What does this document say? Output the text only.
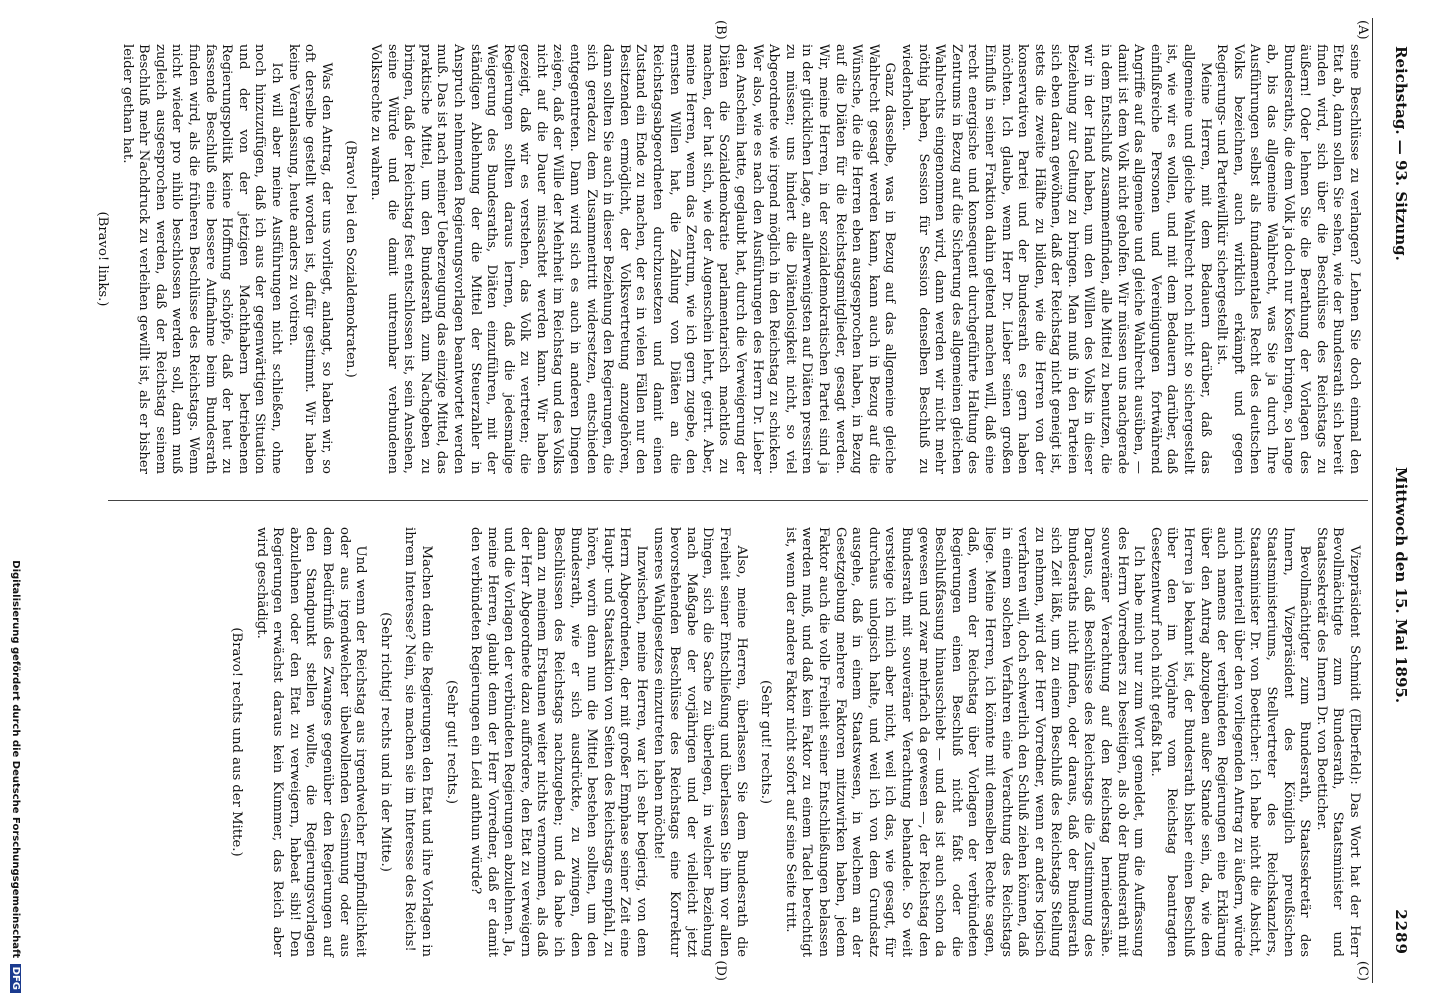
Reichstag. — 93. Sitzung.
Mittwoch den 15. Mai 1895.
2289
(A)
(B)

seine Beschlüsse zu verlangen? Lehnen Sie doch einmal den Etat ab, dann sollen Sie sehen, wie der Bundesrath sich bereit finden wird, sich über die Beschlüsse des Reichstags zu äußern! Oder lehnen Sie die Berathung der Vorlagen des Bundesraths, die dem Volk ja doch nur Kosten bringen, so lange ab, bis das allgemeine Wahlrecht, was Sie ja durch Ihre Ausführungen selbst als fundamentales Recht des deutschen Volks bezeichnen, auch wirklich erkämpft und gegen Regierungs- und Parteiwillkür sichergestellt ist.

Meine Herren, mit dem Bedauern darüber, daß das allgemeine und gleiche Wahlrecht noch nicht so sichergestellt ist, wie wir es wollen, und mit dem Bedauern darüber, daß einflußreiche Personen und Vereinigungen fortwährend Angriffe auf das allgemeine und gleiche Wahlrecht ausüben, — damit ist dem Volk nicht geholfen. Wir müssen uns nachgerade in dem Entschluß zusammenfinden, alle Mittel zu benutzen, die wir in der Hand haben, um den Willen des Volks in dieser Beziehung zur Geltung zu bringen. Man muß in den Parteien sich eben daran gewöhnen, daß der Reichstag nicht geneigt ist, stets die zweite Hälfte zu bilden, wie die Herren von der konservativen Partei und der Bundesrath es gern haben möchten. Ich glaube, wenn Herr Dr. Lieber seinen großen Einfluß in seiner Fraktion dahin geltend machen will, daß eine recht energische und konsequent durchgeführte Haltung des Zentrums in Bezug auf die Sicherung des allgemeinen gleichen Wahlrechts eingenommen wird, dann werden wir nicht mehr nöthig haben, Session für Session denselben Beschluß zu wiederholen.

Ganz dasselbe, was in Bezug auf das allgemeine gleiche Wahlrecht gesagt werden kann, kann auch in Bezug auf die Wünsche, die die Herren eben ausgesprochen haben, in Bezug auf die Diäten für die Reichstagsmitglieder, gesagt werden. Wir, meine Herren, in der sozialdemokratischen Partei sind ja in der glücklichen Lage, an allerwenigsten auf Diäten pressiren zu müssen; uns hindert die Diätenlosigkeit nicht, so viel Abgeordnete wie irgend möglich in den Reichstag zu schicken. Wer also, wie es nach den Ausführungen des Herrn Dr. Lieber den Anschein hatte, geglaubt hat, durch die Verweigerung der Diäten die Sozialdemokratie parlamentarisch machtlos zu machen, der hat sich, wie der Augenschein lehrt, geirrt. Aber, meine Herren, wenn das Zentrum, wie ich gern zugebe, den ernsten Willen hat, die Zahlung von Diäten an die Reichstagsabgeordneten durchzusetzen und damit einen Zustand ein Ende zu machen, der es in vielen Fällen nur den Besitzenden ermöglicht, der Volksvertretung anzugehören, dann sollten Sie auch in dieser Beziehung den Regierungen, die sich geradezu dem Zusammentritt widersetzen, entschieden entgegentreten. Dann wird sich es auch in anderen Dingen zeigen, daß der Wille der Mehrheit im Reichstag und des Volks nicht auf die Dauer missachtet werden kann. Wir haben gezeigt, daß wir es verstehen, das Volk zu vertreten; die Regierungen sollten daraus lernen, daß die jedesmalige Weigerung des Bundesraths, Diäten einzuführen, mit der ständigen Ablehnung der die Mittel der Steuerzahler in Anspruch nehmenden Regierungsvorlagen beantwortet werden muß. Das ist nach meiner Ueberzeugung das einzige Mittel, das praktische Mittel, um den Bundesrath zum Nachgeben zu bringen, daß der Reichstag fest entschlossen ist, sein Ansehen, seine Würde und die damit untrennbar verbundenen Volksrechte zu wahren.

(Bravo! bei den Sozialdemokraten.)

Was den Antrag, der uns vorliegt, anlangt, so haben wir, so oft derselbe gestellt worden ist, dafür gestimmt. Wir haben keine Veranlassung, heute anders zu votiren.

Ich will aber meine Ausführungen nicht schließen, ohne noch hinzuzufügen, daß ich aus der gegenwärtigen Situation und der von der jetzigen Machthabern betriebenen Regierungspolitik keine Hoffnung schöpfe, daß der heut zu fassende Beschluß eine bessere Aufnahme beim Bundesrath finden wird, als die früheren Beschlüsse des Reichstags. Wenn nicht wieder pro nihilo beschlossen werden soll, dann muß zugleich ausgesprochen werden, daß der Reichstag seinem Beschluß mehr Nachdruck zu verleihen gewillt ist, als er bisher leider gethan hat.

(Bravo! links.)

(C)
(D)

Vizepräsident Schmidt (Elberfeld): Das Wort hat der Herr Bevollmächtigte zum Bundesrath, Staatsminister und Staatssekretär des Innern Dr. von Boetticher.

Bevollmächtigter zum Bundesrath, Staatssekretär des Innern, Vizepräsident des Königlich preußischen Staatsministeriums, Stellvertreter des Reichskanzlers, Staatsminister Dr. von Boetticher: Ich habe nicht die Absicht, mich materiell über den vorliegenden Antrag zu äußern, würde auch namens der verbündeten Regierungen eine Erklärung über den Antrag abzugeben außer Stande sein, da, wie den Herren ja bekannt ist, der Bundesrath bisher einen Beschluß über den im Vorjahre vom Reichstag beantragten Gesetzentwurf noch nicht gefaßt hat.

Ich habe mich nur zum Wort gemeldet, um die Auffassung des Herrn Vorredners zu beseitigen, als ob der Bundesrath mit souveräner Verachtung auf den Reichstag herniedersähe. Daraus, daß Beschlüsse des Reichstags die Zustimmung des Bundesraths nicht finden, oder daraus, daß der Bundesrath sich Zeit läßt, um zu einem Beschluß des Reichstags Stellung zu nehmen, wird der Herr Vorredner, wenn er anders logisch verfahren will, doch schwerlich den Schluß ziehen können, daß in einem solchen Verfahren eine Verachtung des Reichstags liege. Meine Herren, ich könnte mit demselben Rechte sagen, daß, wenn der Reichstag über Vorlagen der verbündeten Regierungen einen Beschluß nicht faßt oder die Beschlußfassung hinausschiebt — und das ist auch schon da gewesen und zwar mehrfach da gewesen —, der Reichstag den Bundesrath mit souveräner Verachtung behandele. So weit versteige ich mich aber nicht, weil ich das, wie gesagt, für durchaus unlogisch halte, und weil ich von dem Grundsatz ausgehe, daß in einem Staatswesen, in welchem an der Gesetzgebung mehrere Faktoren mitzuwirken haben, jedem Faktor auch die volle Freiheit seiner Entschließungen belassen werden muß, und daß kein Faktor zu einem Tadel berechtigt ist, wenn der andere Faktor nicht sofort auf seine Seite tritt.

(Sehr gut! rechts.)

Also, meine Herren, überlassen Sie dem Bundesrath die Freiheit seiner Entschließung und überlassen Sie ihm vor allen Dingen, sich die Sache zu überlegen, in welcher Beziehung nach Maßgabe der vorjährigen und der vielleicht jetzt bevorstehenden Beschlüsse des Reichstags eine Korrektur unseres Wahlgesetzes einzutreten haben möchte!

Inzwischen, meine Herren, war ich sehr begierig, von dem Herrn Abgeordneten, der mit großer Emphase seiner Zeit eine Haupt- und Staatsaktion von Seiten des Reichstags empfahl, zu hören, worin denn nun die Mittel bestehen sollten, um den Bundesrath, wie er sich ausdrückte, zu zwingen, den Beschlüssen des Reichstags nachzugeben; und da habe ich dann zu meinem Erstaunen weiter nichts vernommen, als daß der Herr Abgeordnete dazu auffordere, den Etat zu verweigern und die Vorlagen der verbündeten Regierungen abzulehnen. Ja, meine Herren, glaubt denn der Herr Vorredner, daß er damit den verbündeten Regierungen ein Leid anthun würde?

(Sehr gut! rechts.)

Machen denn die Regierungen den Etat und ihre Vorlagen in ihrem Interesse? Nein, sie machen sie im Interesse des Reichs!

(Sehr richtig! rechts und in der Mitte.)

Und wenn der Reichstag aus irgendwelcher Empfindlichkeit oder aus irgendwelcher übelwollenden Gesinnung oder aus dem Bedürfniß des Zwanges gegenüber den Regierungen auf den Standpunkt stellen wollte, die Regierungsvorlagen abzulehnen oder den Etat zu verweigern, habeat sibi! Den Regierungen erwächst daraus kein Kummer, das Reich aber wird geschädigt.

(Bravo! rechts und aus der Mitte.)

Digitalisierung gefördert durch die Deutsche Forschungsgemeinschaft DFG
